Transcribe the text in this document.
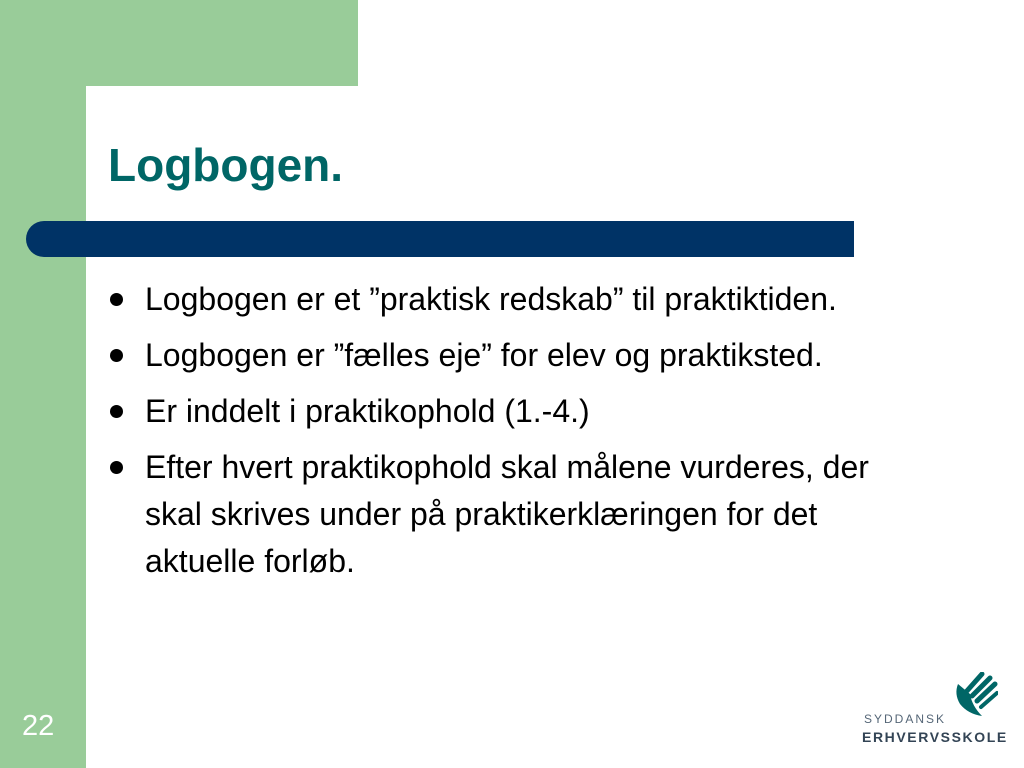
Logbogen.
Logbogen er et ”praktisk redskab” til praktiktiden.
Logbogen er ”fælles eje” for elev og praktiksted.
Er inddelt i praktikophold (1.-4.)
Efter hvert praktikophold skal målene vurderes, der skal skrives under på praktikerklæringen for det aktuelle forløb.
22	SYDDANSK
ERHVERVSSKOLE
